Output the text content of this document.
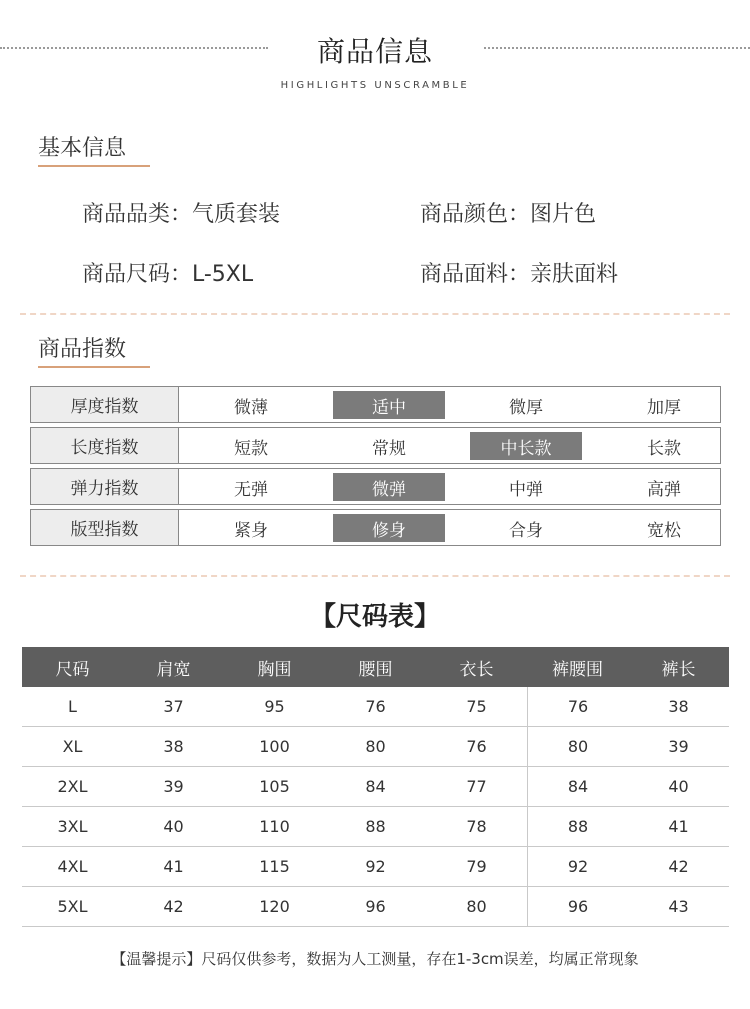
商品信息
HIGHLIGHTS UNSCRAMBLE
基本信息
商品品类：气质套装	商品颜色：图片色
商品尺码：L-5XL	商品面料：亲肤面料
商品指数
厚度指数	微薄	适中	微厚	加厚
长度指数	短款	常规	中长款	长款
弹力指数	无弹	微弹	中弹	高弹
版型指数	紧身	修身	合身	宽松
【尺码表】
尺码	肩宽	胸围	腰围	衣长	裤腰围	裤长
L	37	95	76	75	76	38
XL	38	100	80	76	80	39
2XL	39	105	84	77	84	40
3XL	40	110	88	78	88	41
4XL	41	115	92	79	92	42
5XL	42	120	96	80	96	43
【温馨提示】尺码仅供参考，数据为人工测量，存在1-3cm误差，均属正常现象
